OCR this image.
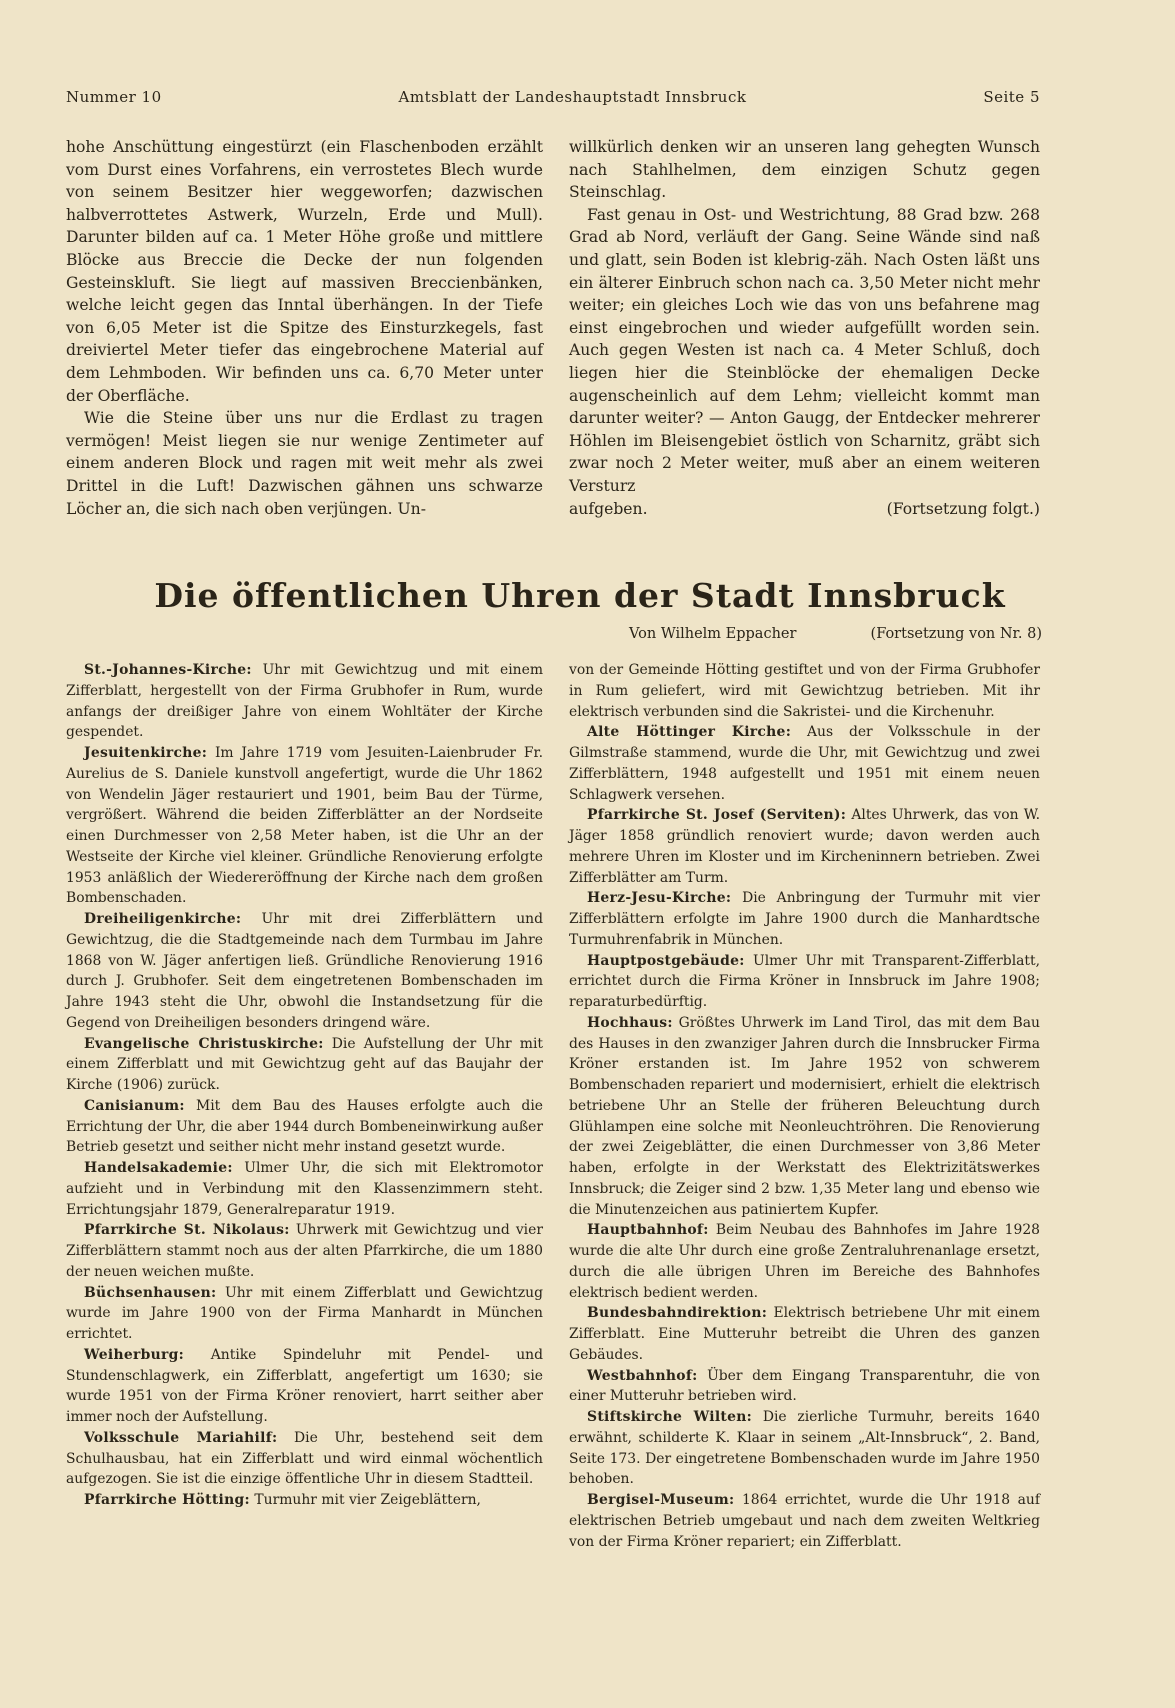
Nummer 10	Amtsblatt der Landeshauptstadt Innsbruck	Seite 5

hohe Anschüttung eingestürzt (ein Flaschenboden erzählt vom Durst eines Vorfahrens, ein verrostetes Blech wurde von seinem Besitzer hier weggeworfen; dazwischen halbverrottetes Astwerk, Wurzeln, Erde und Mull). Darunter bilden auf ca. 1 Meter Höhe große und mittlere Blöcke aus Breccie die Decke der nun folgenden Gesteinskluft. Sie liegt auf massiven Breccienbänken, welche leicht gegen das Inntal überhängen. In der Tiefe von 6,05 Meter ist die Spitze des Einsturzkegels, fast dreiviertel Meter tiefer das eingebrochene Material auf dem Lehmboden. Wir befinden uns ca. 6,70 Meter unter der Oberfläche.

Wie die Steine über uns nur die Erdlast zu tragen vermögen! Meist liegen sie nur wenige Zentimeter auf einem anderen Block und ragen mit weit mehr als zwei Drittel in die Luft! Dazwischen gähnen uns schwarze Löcher an, die sich nach oben verjüngen. Un-

willkürlich denken wir an unseren lang gehegten Wunsch nach Stahlhelmen, dem einzigen Schutz gegen Steinschlag.

Fast genau in Ost- und Westrichtung, 88 Grad bzw. 268 Grad ab Nord, verläuft der Gang. Seine Wände sind naß und glatt, sein Boden ist klebrig-zäh. Nach Osten läßt uns ein älterer Einbruch schon nach ca. 3,50 Meter nicht mehr weiter; ein gleiches Loch wie das von uns befahrene mag einst eingebrochen und wieder aufgefüllt worden sein. Auch gegen Westen ist nach ca. 4 Meter Schluß, doch liegen hier die Steinblöcke der ehemaligen Decke augenscheinlich auf dem Lehm; vielleicht kommt man darunter weiter? — Anton Gaugg, der Entdecker mehrerer Höhlen im Bleisengebiet östlich von Scharnitz, gräbt sich zwar noch 2 Meter weiter, muß aber an einem weiteren Versturz

aufgeben.	(Fortsetzung folgt.)
Die öffentlichen Uhren der Stadt Innsbruck
Von Wilhelm Eppacher	(Fortsetzung von Nr. 8)

St.-Johannes-Kirche: Uhr mit Gewichtzug und mit einem Zifferblatt, hergestellt von der Firma Grubhofer in Rum, wurde anfangs der dreißiger Jahre von einem Wohltäter der Kirche gespendet.

Jesuitenkirche: Im Jahre 1719 vom Jesuiten-Laienbruder Fr. Aurelius de S. Daniele kunstvoll angefertigt, wurde die Uhr 1862 von Wendelin Jäger restauriert und 1901, beim Bau der Türme, vergrößert. Während die beiden Zifferblätter an der Nordseite einen Durchmesser von 2,58 Meter haben, ist die Uhr an der Westseite der Kirche viel kleiner. Gründliche Renovierung erfolgte 1953 anläßlich der Wiedereröffnung der Kirche nach dem großen Bombenschaden.

Dreiheiligenkirche: Uhr mit drei Zifferblättern und Gewichtzug, die die Stadtgemeinde nach dem Turmbau im Jahre 1868 von W. Jäger anfertigen ließ. Gründliche Renovierung 1916 durch J. Grubhofer. Seit dem eingetretenen Bombenschaden im Jahre 1943 steht die Uhr, obwohl die Instandsetzung für die Gegend von Dreiheiligen besonders dringend wäre.

Evangelische Christuskirche: Die Aufstellung der Uhr mit einem Zifferblatt und mit Gewichtzug geht auf das Baujahr der Kirche (1906) zurück.

Canisianum: Mit dem Bau des Hauses erfolgte auch die Errichtung der Uhr, die aber 1944 durch Bombeneinwirkung außer Betrieb gesetzt und seither nicht mehr instand gesetzt wurde.

Handelsakademie: Ulmer Uhr, die sich mit Elektromotor aufzieht und in Verbindung mit den Klassenzimmern steht. Errichtungsjahr 1879, Generalreparatur 1919.

Pfarrkirche St. Nikolaus: Uhrwerk mit Gewichtzug und vier Zifferblättern stammt noch aus der alten Pfarrkirche, die um 1880 der neuen weichen mußte.

Büchsenhausen: Uhr mit einem Zifferblatt und Gewichtzug wurde im Jahre 1900 von der Firma Manhardt in München errichtet.

Weiherburg: Antike Spindeluhr mit Pendel- und Stundenschlagwerk, ein Zifferblatt, angefertigt um 1630; sie wurde 1951 von der Firma Kröner renoviert, harrt seither aber immer noch der Aufstellung.

Volksschule Mariahilf: Die Uhr, bestehend seit dem Schulhausbau, hat ein Zifferblatt und wird einmal wöchentlich aufgezogen. Sie ist die einzige öffentliche Uhr in diesem Stadtteil.

Pfarrkirche Hötting: Turmuhr mit vier Zeigeblättern,

von der Gemeinde Hötting gestiftet und von der Firma Grubhofer in Rum geliefert, wird mit Gewichtzug betrieben. Mit ihr elektrisch verbunden sind die Sakristei- und die Kirchenuhr.

Alte Höttinger Kirche: Aus der Volksschule in der Gilmstraße stammend, wurde die Uhr, mit Gewichtzug und zwei Zifferblättern, 1948 aufgestellt und 1951 mit einem neuen Schlagwerk versehen.

Pfarrkirche St. Josef (Serviten): Altes Uhrwerk, das von W. Jäger 1858 gründlich renoviert wurde; davon werden auch mehrere Uhren im Kloster und im Kircheninnern betrieben. Zwei Zifferblätter am Turm.

Herz-Jesu-Kirche: Die Anbringung der Turmuhr mit vier Zifferblättern erfolgte im Jahre 1900 durch die Manhardtsche Turmuhrenfabrik in München.

Hauptpostgebäude: Ulmer Uhr mit Transparent-Zifferblatt, errichtet durch die Firma Kröner in Innsbruck im Jahre 1908; reparaturbedürftig.

Hochhaus: Größtes Uhrwerk im Land Tirol, das mit dem Bau des Hauses in den zwanziger Jahren durch die Innsbrucker Firma Kröner erstanden ist. Im Jahre 1952 von schwerem Bombenschaden repariert und modernisiert, erhielt die elektrisch betriebene Uhr an Stelle der früheren Beleuchtung durch Glühlampen eine solche mit Neonleuchtröhren. Die Renovierung der zwei Zeigeblätter, die einen Durchmesser von 3,86 Meter haben, erfolgte in der Werkstatt des Elektrizitätswerkes Innsbruck; die Zeiger sind 2 bzw. 1,35 Meter lang und ebenso wie die Minutenzeichen aus patiniertem Kupfer.

Hauptbahnhof: Beim Neubau des Bahnhofes im Jahre 1928 wurde die alte Uhr durch eine große Zentraluhrenanlage ersetzt, durch die alle übrigen Uhren im Bereiche des Bahnhofes elektrisch bedient werden.

Bundesbahndirektion: Elektrisch betriebene Uhr mit einem Zifferblatt. Eine Mutteruhr betreibt die Uhren des ganzen Gebäudes.

Westbahnhof: Über dem Eingang Transparentuhr, die von einer Mutteruhr betrieben wird.

Stiftskirche Wilten: Die zierliche Turmuhr, bereits 1640 erwähnt, schilderte K. Klaar in seinem „Alt-Innsbruck“, 2. Band, Seite 173. Der eingetretene Bombenschaden wurde im Jahre 1950 behoben.

Bergisel-Museum: 1864 errichtet, wurde die Uhr 1918 auf elektrischen Betrieb umgebaut und nach dem zweiten Weltkrieg von der Firma Kröner repariert; ein Zifferblatt.
